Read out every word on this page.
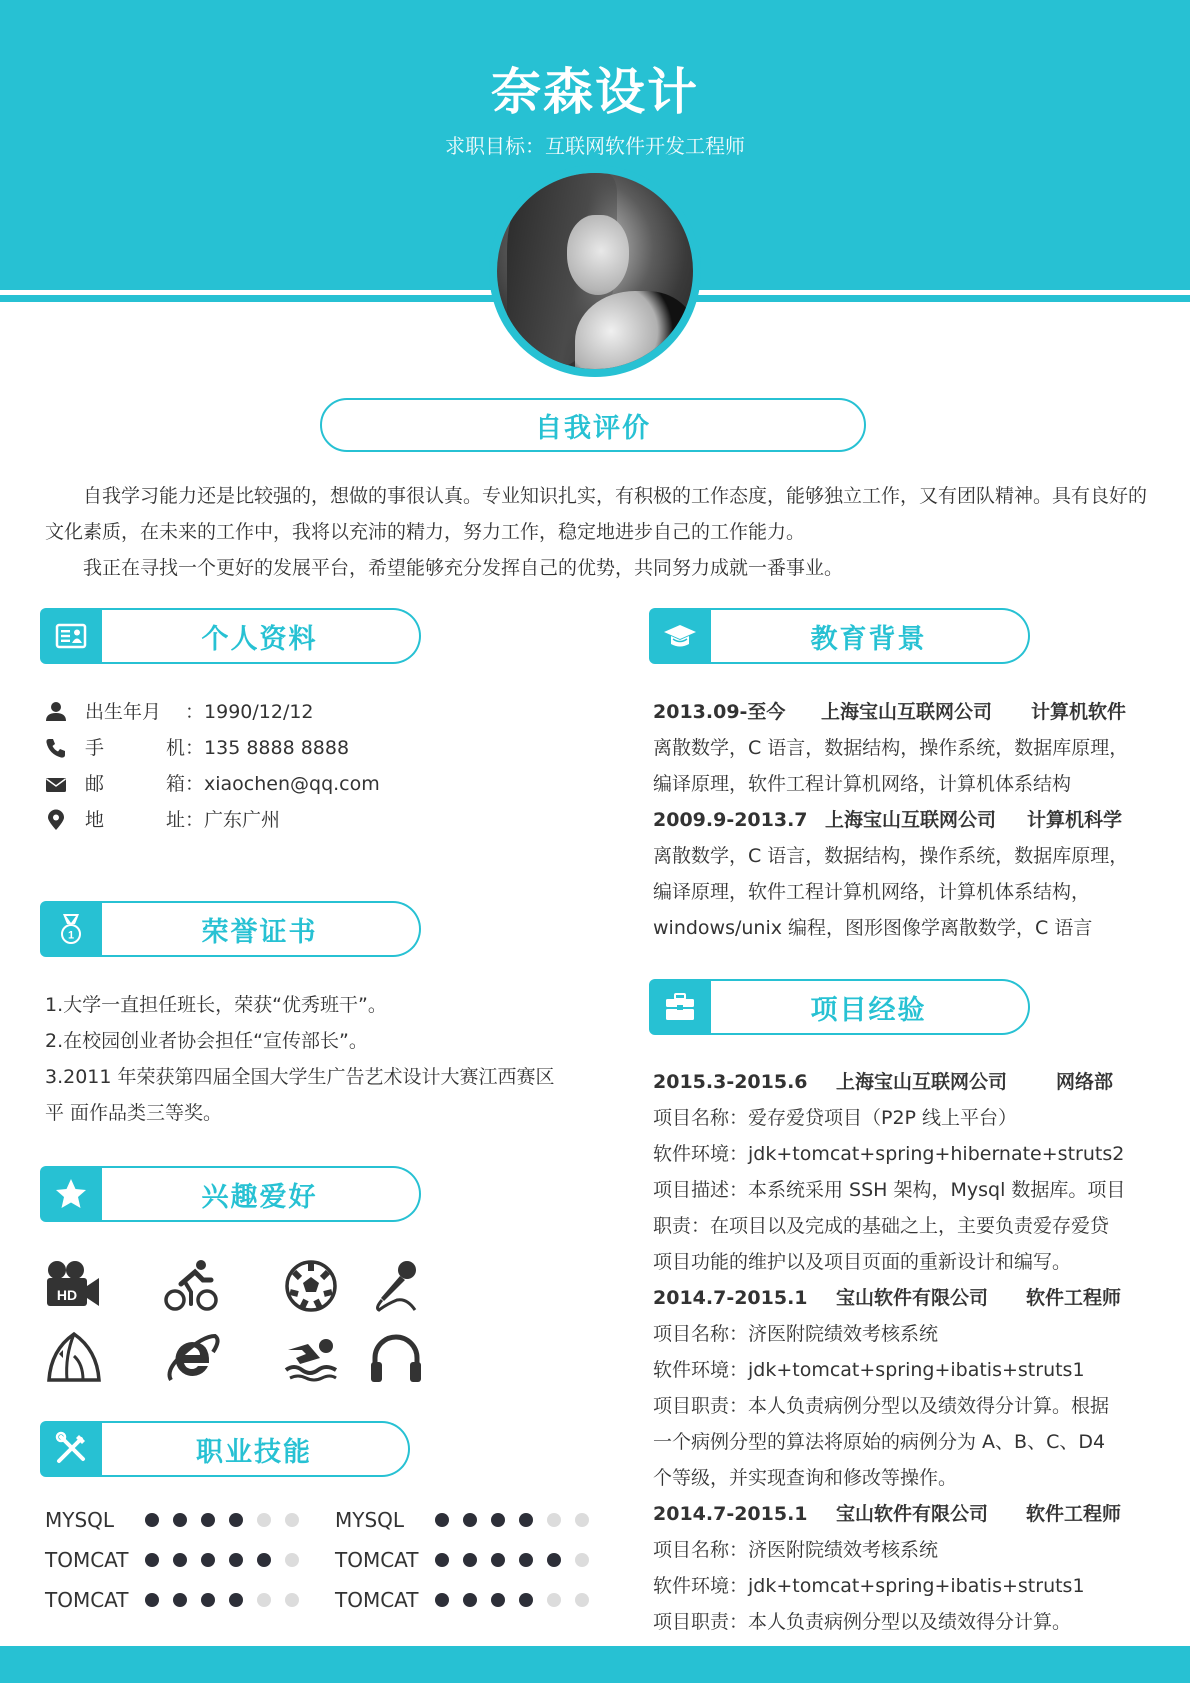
奈森设计
求职目标：互联网软件开发工程师
自我评价

自我学习能力还是比较强的，想做的事很认真。专业知识扎实，有积极的工作态度，能够独立工作，又有团队精神。具有良好的文化素质，在未来的工作中，我将以充沛的精力，努力工作，稳定地进步自己的工作能力。

我正在寻找一个更好的发展平台，希望能够充分发挥自己的优势，共同努力成就一番事业。

个人资料
出生年月	： 1990/12/12
手	机 ： 135 8888 8888
邮	箱 ： xiaochen@qq.com
地	址 ： 广东广州
1	荣誉证书
1.大学一直担任班长，荣获“优秀班干”。
2.在校园创业者协会担任“宣传部长”。
3.2011 年荣获第四届全国大学生广告艺术设计大赛江西赛区平 面作品类三等奖。
兴趣爱好
HD
职业技能
MYSQL	MYSQL
TOMCAT	TOMCAT
TOMCAT	TOMCAT
教育背景
2013.09-至今	上海宝山互联网公司	计算机软件
离散数学，C 语言，数据结构，操作系统，数据库原理，
编译原理，软件工程计算机网络，计算机体系结构
2009.9-2013.7 上海宝山互联网公司	计算机科学
离散数学，C 语言，数据结构，操作系统，数据库原理，
编译原理，软件工程计算机网络，计算机体系结构，
windows/unix 编程，图形图像学离散数学，C 语言
项目经验
2015.3-2015.6	上海宝山互联网公司	网络部
项目名称：爱存爱贷项目（P2P 线上平台）
软件环境：jdk+tomcat+spring+hibernate+struts2
项目描述：本系统采用 SSH 架构，Mysql 数据库。项目
职责：在项目以及完成的基础之上，主要负责爱存爱贷
项目功能的维护以及项目页面的重新设计和编写。
2014.7-2015.1	宝山软件有限公司	软件工程师
项目名称：济医附院绩效考核系统
软件环境：jdk+tomcat+spring+ibatis+struts1
项目职责：本人负责病例分型以及绩效得分计算。根据
一个病例分型的算法将原始的病例分为 A、B、C、D4
个等级，并实现查询和修改等操作。
2014.7-2015.1	宝山软件有限公司	软件工程师
项目名称：济医附院绩效考核系统
软件环境：jdk+tomcat+spring+ibatis+struts1
项目职责：本人负责病例分型以及绩效得分计算。
